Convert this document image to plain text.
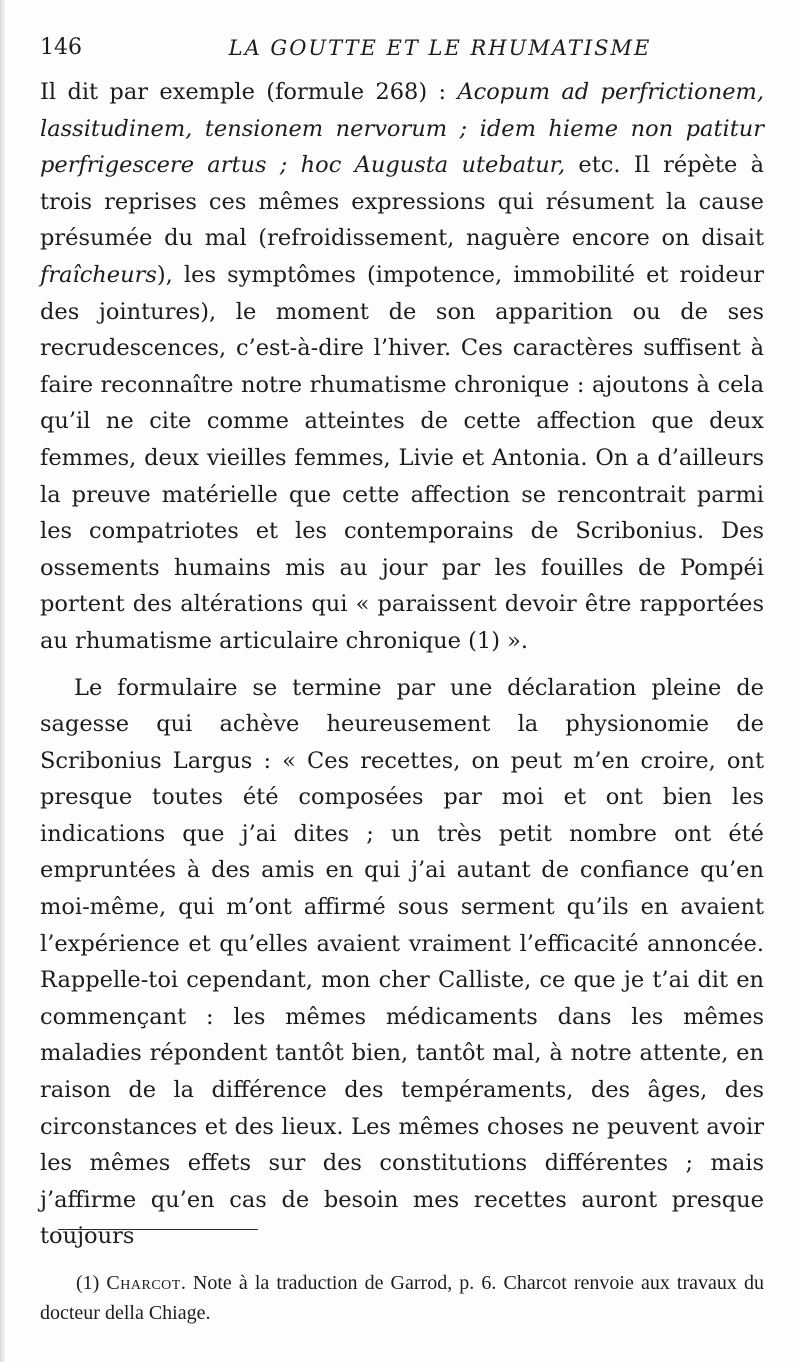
146	LA GOUTTE ET LE RHUMATISME

Il dit par exemple (formule 268) : Acopum ad perfrictionem, lassitudinem, tensionem nervorum ; idem hieme non patitur perfrigescere artus ; hoc Augusta utebatur, etc. Il répète à trois reprises ces mêmes expressions qui résument la cause présumée du mal (refroidissement, naguère encore on disait fraîcheurs), les symptômes (impotence, immobilité et roideur des jointures), le moment de son apparition ou de ses recrudescences, c’est-à-dire l’hiver. Ces caractères suffisent à faire reconnaître notre rhumatisme chronique : ajoutons à cela qu’il ne cite comme atteintes de cette affection que deux femmes, deux vieilles femmes, Livie et Antonia. On a d’ailleurs la preuve matérielle que cette affection se rencontrait parmi les compatriotes et les contemporains de Scribonius. Des ossements humains mis au jour par les fouilles de Pompéi portent des altérations qui « paraissent devoir être rapportées au rhumatisme articulaire chronique (1) ».

Le formulaire se termine par une déclaration pleine de sagesse qui achève heureusement la physionomie de Scribonius Largus : « Ces recettes, on peut m’en croire, ont presque toutes été composées par moi et ont bien les indications que j’ai dites ; un très petit nombre ont été empruntées à des amis en qui j’ai autant de confiance qu’en moi-même, qui m’ont affirmé sous serment qu’ils en avaient l’expérience et qu’elles avaient vraiment l’efficacité annoncée. Rappelle-toi cependant, mon cher Calliste, ce que je t’ai dit en commençant : les mêmes médicaments dans les mêmes maladies répondent tantôt bien, tantôt mal, à notre attente, en raison de la différence des tempéraments, des âges, des circonstances et des lieux. Les mêmes choses ne peuvent avoir les mêmes effets sur des constitutions différentes ; mais j’affirme qu’en cas de besoin mes recettes auront presque toujours

(1) Charcot. Note à la traduction de Garrod, p. 6. Charcot renvoie aux travaux du docteur della Chiage.
